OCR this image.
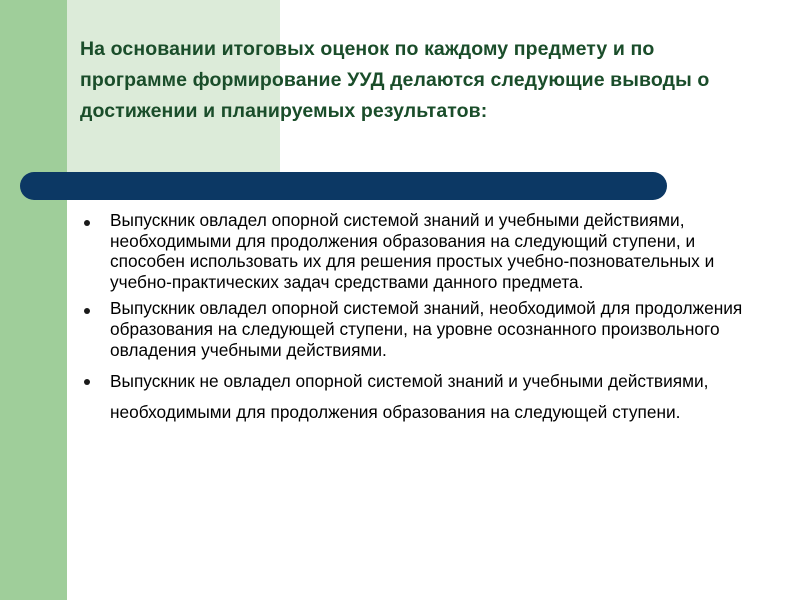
На основании итоговых оценок по каждому предмету и по программе формирование УУД делаются следующие выводы о достижении и планируемых результатов:
Выпускник овладел опорной системой знаний и учебными действиями, необходимыми для продолжения образования на следующий ступени, и способен использовать их для решения простых учебно-позновательных и учебно-практических задач средствами данного предмета.
Выпускник овладел опорной системой знаний, необходимой для продолжения образования на следующей ступени, на уровне осознанного произвольного овладения учебными действиями.
Выпускник не овладел опорной системой знаний и учебными действиями, необходимыми для продолжения образования на следующей ступени.
